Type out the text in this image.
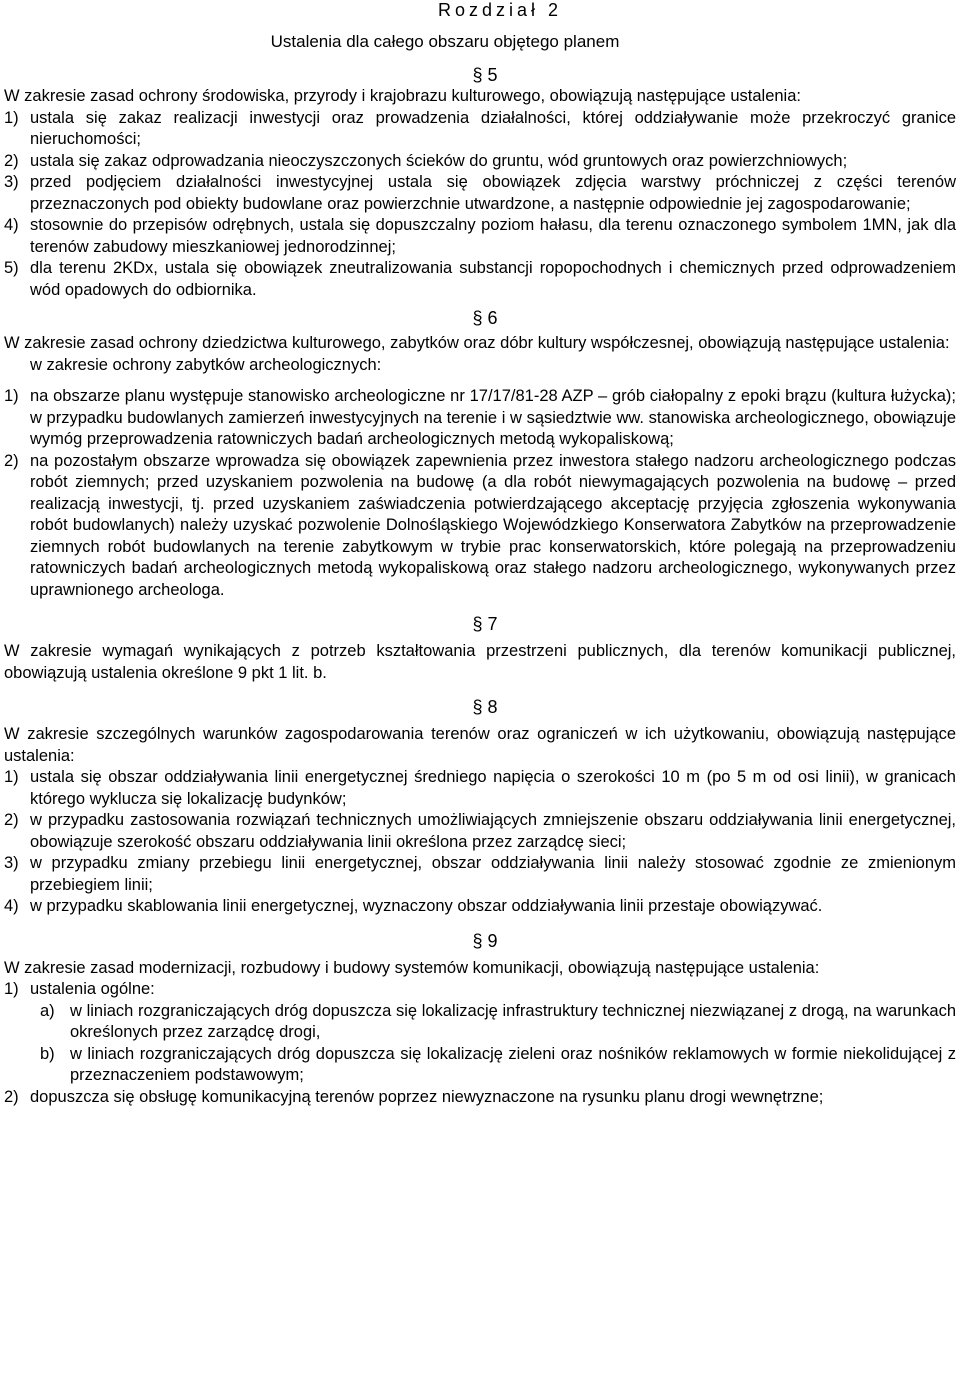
Rozdział 2
Ustalenia dla całego obszaru objętego planem
§ 5

W zakresie zasad ochrony środowiska, przyrody i krajobrazu kulturowego, obowiązują następujące ustalenia:

1) ustala się zakaz realizacji inwestycji oraz prowadzenia działalności, której oddziaływanie może przekroczyć granice nieruchomości;
2) ustala się zakaz odprowadzania nieoczyszczonych ścieków do gruntu, wód gruntowych oraz powierzchniowych;
3) przed podjęciem działalności inwestycyjnej ustala się obowiązek zdjęcia warstwy próchniczej z części terenów przeznaczonych pod obiekty budowlane oraz powierzchnie utwardzone, a następnie odpowiednie jej zagospodarowanie;
4) stosownie do przepisów odrębnych, ustala się dopuszczalny poziom hałasu, dla terenu oznaczonego symbolem 1MN, jak dla terenów zabudowy mieszkaniowej jednorodzinnej;
5) dla terenu 2KDx, ustala się obowiązek zneutralizowania substancji ropopochodnych i chemicznych przed odprowadzeniem wód opadowych do odbiornika.
§ 6

W zakresie zasad ochrony dziedzictwa kulturowego, zabytków oraz dóbr kultury współczesnej, obowiązują następujące ustalenia:

w zakresie ochrony zabytków archeologicznych:
1) na obszarze planu występuje stanowisko archeologiczne nr 17/17/81-28 AZP – grób ciałopalny z epoki brązu (kultura łużycka); w przypadku budowlanych zamierzeń inwestycyjnych na terenie i w sąsiedztwie ww. stanowiska archeologicznego, obowiązuje wymóg przeprowadzenia ratowniczych badań archeologicznych metodą wykopaliskową;
2) na pozostałym obszarze wprowadza się obowiązek zapewnienia przez inwestora stałego nadzoru archeologicznego podczas robót ziemnych; przed uzyskaniem pozwolenia na budowę (a dla robót niewymagających pozwolenia na budowę – przed realizacją inwestycji, tj. przed uzyskaniem zaświadczenia potwierdzającego akceptację przyjęcia zgłoszenia wykonywania robót budowlanych) należy uzyskać pozwolenie Dolnośląskiego Wojewódzkiego Konserwatora Zabytków na przeprowadzenie ziemnych robót budowlanych na terenie zabytkowym w trybie prac konserwatorskich, które polegają na przeprowadzeniu ratowniczych badań archeologicznych metodą wykopaliskową oraz stałego nadzoru archeologicznego, wykonywanych przez uprawnionego archeologa.
§ 7

W zakresie wymagań wynikających z potrzeb kształtowania przestrzeni publicznych, dla terenów komunikacji publicznej, obowiązują ustalenia określone 9 pkt 1 lit. b.

§ 8

W zakresie szczególnych warunków zagospodarowania terenów oraz ograniczeń w ich użytkowaniu, obowiązują następujące ustalenia:

1) ustala się obszar oddziaływania linii energetycznej średniego napięcia o szerokości 10 m (po 5 m od osi linii), w granicach którego wyklucza się lokalizację budynków;
2) w przypadku zastosowania rozwiązań technicznych umożliwiających zmniejszenie obszaru oddziaływania linii energetycznej, obowiązuje szerokość obszaru oddziaływania linii określona przez zarządcę sieci;
3) w przypadku zmiany przebiegu linii energetycznej, obszar oddziaływania linii należy stosować zgodnie ze zmienionym przebiegiem linii;
4) w przypadku skablowania linii energetycznej, wyznaczony obszar oddziaływania linii przestaje obowiązywać.
§ 9

W zakresie zasad modernizacji, rozbudowy i budowy systemów komunikacji, obowiązują następujące ustalenia:

1) ustalenia ogólne:
a) w liniach rozgraniczających dróg dopuszcza się lokalizację infrastruktury technicznej niezwiązanej z drogą, na warunkach określonych przez zarządcę drogi,
b) w liniach rozgraniczających dróg dopuszcza się lokalizację zieleni oraz nośników reklamowych w formie niekolidującej z przeznaczeniem podstawowym;
2) dopuszcza się obsługę komunikacyjną terenów poprzez niewyznaczone na rysunku planu drogi wewnętrzne;
